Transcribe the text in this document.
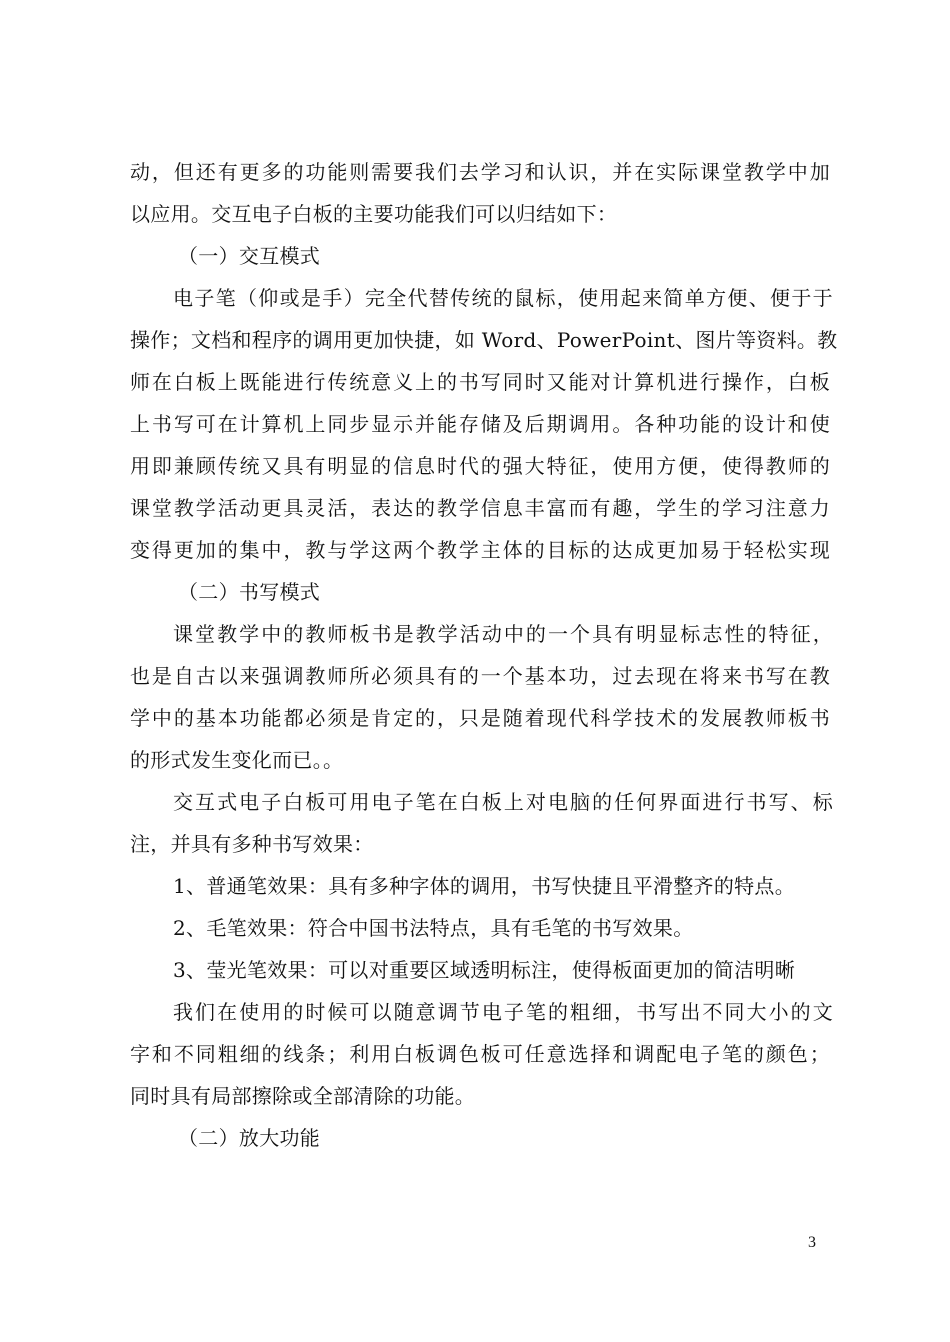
动，但还有更多的功能则需要我们去学习和认识，并在实际课堂教学中加
以应用。交互电子白板的主要功能我们可以归结如下：
（一）交互模式
电子笔（仰或是手）完全代替传统的鼠标，使用起来简单方便、便于于
操作；文档和程序的调用更加快捷，如 Word、PowerPoint、图片等资料。教
师在白板上既能进行传统意义上的书写同时又能对计算机进行操作，白板
上书写可在计算机上同步显示并能存储及后期调用。各种功能的设计和使
用即兼顾传统又具有明显的信息时代的强大特征，使用方便，使得教师的
课堂教学活动更具灵活，表达的教学信息丰富而有趣，学生的学习注意力
变得更加的集中，教与学这两个教学主体的目标的达成更加易于轻松实现
（二）书写模式
课堂教学中的教师板书是教学活动中的一个具有明显标志性的特征，
也是自古以来强调教师所必须具有的一个基本功，过去现在将来书写在教
学中的基本功能都必须是肯定的，只是随着现代科学技术的发展教师板书
的形式发生变化而已。。
交互式电子白板可用电子笔在白板上对电脑的任何界面进行书写、标
注，并具有多种书写效果：
1、普通笔效果：具有多种字体的调用，书写快捷且平滑整齐的特点。
2、毛笔效果：符合中国书法特点，具有毛笔的书写效果。
3、莹光笔效果：可以对重要区域透明标注，使得板面更加的简洁明晰
我们在使用的时候可以随意调节电子笔的粗细，书写出不同大小的文
字和不同粗细的线条；利用白板调色板可任意选择和调配电子笔的颜色；
同时具有局部擦除或全部清除的功能。
（二）放大功能
3
